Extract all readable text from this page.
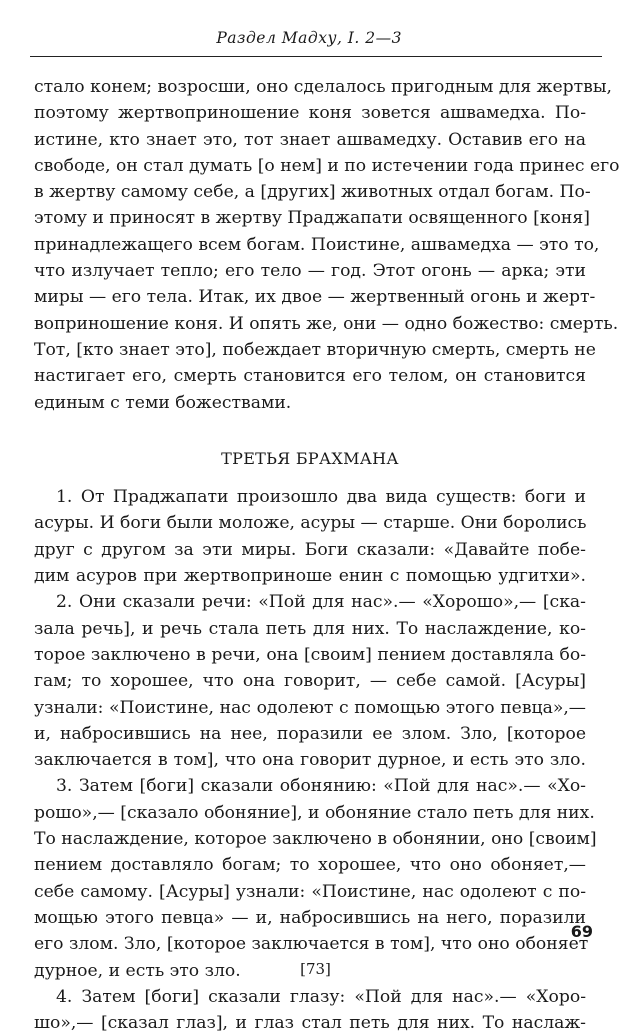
Раздел Мадху, I. 2—3
стало конем; возросши, оно сделалось пригодным для жертвы,
поэтому жертвоприношение коня зовется ашвамедха. По-
истине, кто знает это, тот знает ашвамедху. Оставив его на
свободе, он стал думать [о нем] и по истечении года принес его
в жертву самому себе, а [других] животных отдал богам. По-
этому и приносят в жертву Праджапати освященного [коня]
принадлежащего всем богам. Поистине, ашвамедха — это то,
что излучает тепло; его тело — год. Этот огонь — арка; эти
миры — его тела. Итак, их двое — жертвенный огонь и жерт-
воприношение коня. И опять же, они — одно божество: смерть.
Тот, [кто знает это], побеждает вторичную смерть, смерть не
настигает его, смерть становится его телом, он становится
единым с теми божествами.
ТРЕТЬЯ БРАХМАНА
1. От Праджапати произошло два вида существ: боги и
асуры. И боги были моложе, асуры — старше. Они боролись
друг с другом за эти миры. Боги сказали: «Давайте побе-
дим асуров при жертвоприноше енин с помощью удгитхи».
2. Они сказали речи: «Пой для нас».— «Хорошо»,— [ска-
зала речь], и речь стала петь для них. То наслаждение, ко-
торое заключено в речи, она [своим] пением доставляла бо-
гам; то хорошее, что она говорит, — себе самой. [Асуры]
узнали: «Поистине, нас одолеют с помощью этого певца»,—
и, набросившись на нее, поразили ее злом. Зло, [которое
заключается в том], что она говорит дурное, и есть это зло.
3. Затем [боги] сказали обонянию: «Пой для нас».— «Хо-
рошо»,— [сказало обоняние], и обоняние стало петь для них.
То наслаждение, которое заключено в обонянии, оно [своим]
пением доставляло богам; то хорошее, что оно обоняет,—
себе самому. [Асуры] узнали: «Поистине, нас одолеют с по-
мощью этого певца» — и, набросившись на него, поразили
его злом. Зло, [которое заключается в том], что оно обоняет
дурное, и есть это зло.
4. Затем [боги] сказали глазу: «Пой для нас».— «Хоро-
шо»,— [сказал глаз], и глаз стал петь для них. То наслаж-
69
[73]
